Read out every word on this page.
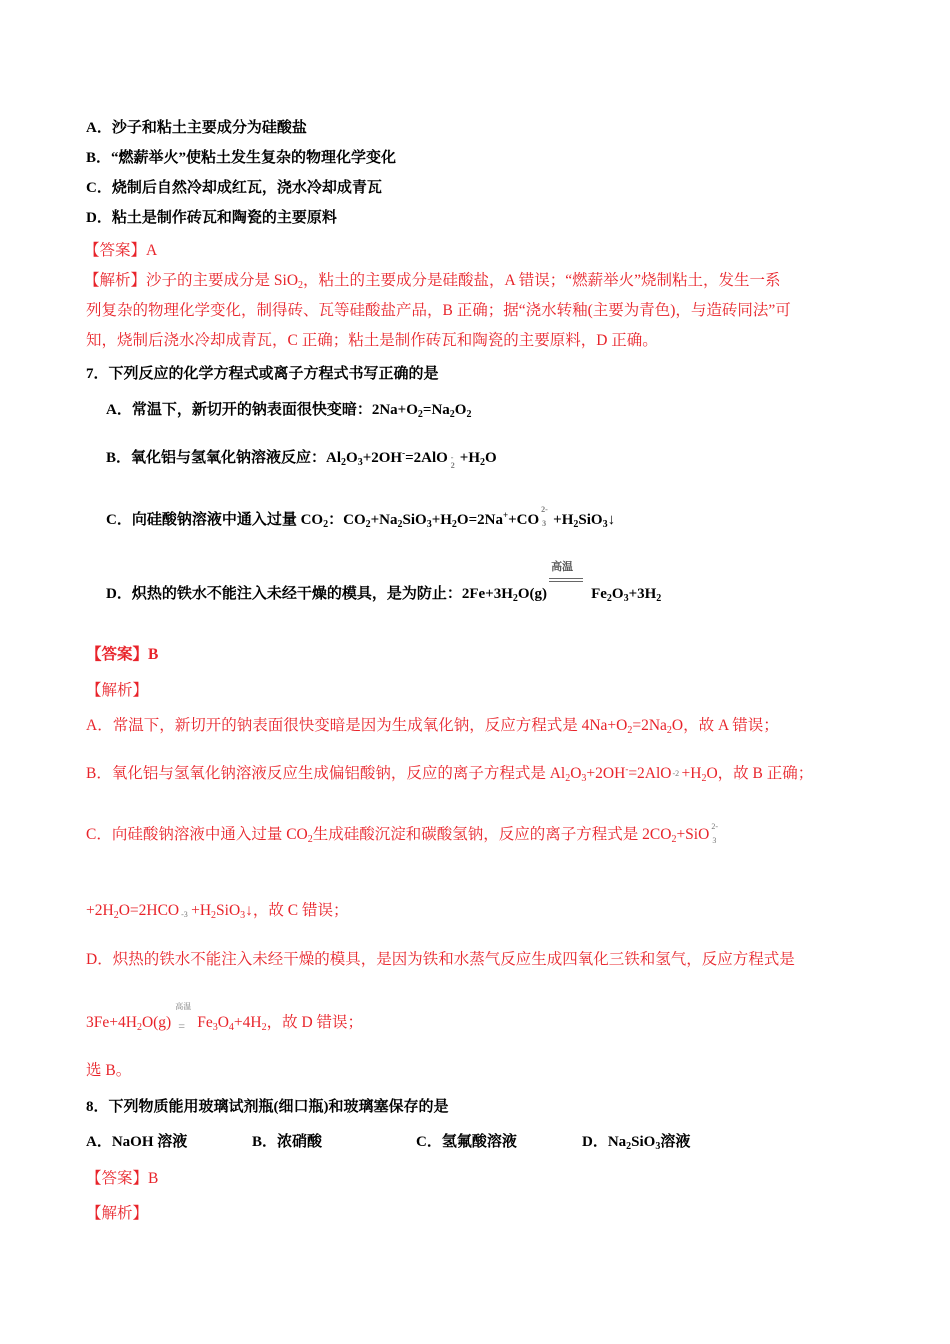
A．沙子和粘土主要成分为硅酸盐
B．“燃薪举火”使粘土发生复杂的物理化学变化
C．烧制后自然冷却成红瓦，浇水冷却成青瓦
D．粘土是制作砖瓦和陶瓷的主要原料
【答案】A
【解析】沙子的主要成分是 SiO$_2$，粘土的主要成分是硅酸盐，A 错误；“燃薪举火”烧制粘土，发生一系
列复杂的物理化学变化，制得砖、瓦等硅酸盐产品，B 正确；据“浇水转釉(主要为青色)，与造砖同法”可
知，烧制后浇水冷却成青瓦，C 正确；粘土是制作砖瓦和陶瓷的主要原料，D 正确。
7．下列反应的化学方程式或离子方程式书写正确的是
A．常温下，新切开的钠表面很快变暗：$2Na+O_2=Na_2O_2$
B．氧化铝与氢氧化钠溶液反应：$Al_2O_3+2OH^-=2AlO$ -
$2 +H_2O$
C．向硅酸钠溶液中通入过量 $CO_2$：$CO_2+Na_2SiO_3+H_2O=2Na^++CO$
2-
$3 +H_2SiO_3↓$
D．炽热的铁水不能注入未经干燥的模具，是为防止：$2Fe+3H_2O(g)$
高温
$Fe_2O_3+3H_2$
【答案】B
【解析】
A．常温下，新切开的钠表面很快变暗是因为生成氧化钠，反应方程式是 $4Na+O_2=2Na_2O$，故 A 错误；
B．氧化铝与氢氧化钠溶液反应生成偏铝酸钠，反应的离子方程式是 $Al_2O_3+2OH^-=2AlO$ $-2 +H_2O$，故 B 正确；
C．向硅酸钠溶液中通入过量 $CO_2$生成硅酸沉淀和碳酸氢钠，反应的离子方程式是 $2CO_2+SiO$ 2-
3
$+2H_2O=2HCO$ $-3 +H_2SiO_3↓$，故 C 错误；
D．炽热的铁水不能注入未经干燥的模具，是因为铁和水蒸气反应生成四氧化三铁和氢气，反应方程式是
$3Fe+4H_2O(g)$
高温
= $Fe_3O_4+4H_2$，故 D 错误；
选 B。
8．下列物质能用玻璃试剂瓶(细口瓶)和玻璃塞保存的是
A．NaOH 溶液	B．浓硝酸	C．氢氟酸溶液	D．$Na_2SiO_3$溶液
【答案】B
【解析】
